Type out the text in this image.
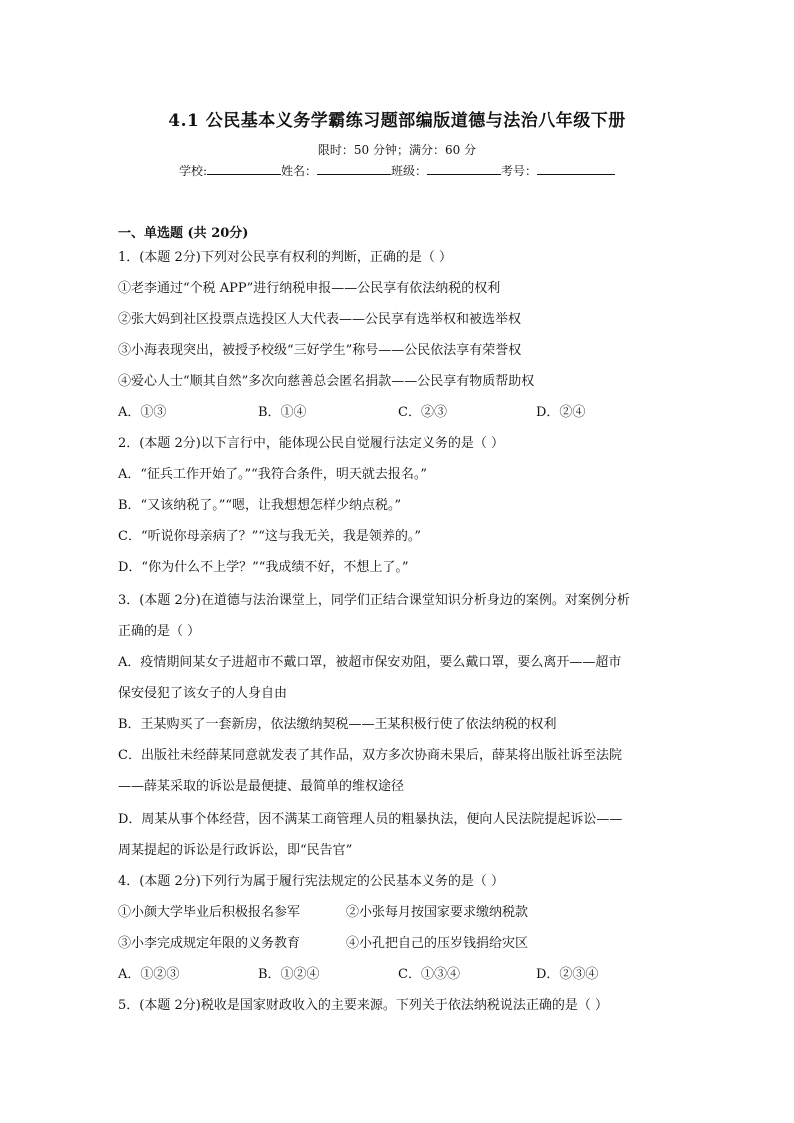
4.1 公民基本义务学霸练习题部编版道德与法治八年级下册
限时：50 分钟；满分：60 分
学校:	姓名：	班级：	考号：
一、单选题 (共 20分)
1．(本题 2分)下列对公民享有权利的判断，正确的是（ ）
①老李通过“个税 APP”进行纳税申报——公民享有依法纳税的权利
②张大妈到社区投票点选投区人大代表——公民享有选举权和被选举权
③小海表现突出，被授予校级“三好学生”称号——公民依法享有荣誉权
④爱心人士“顺其自然”多次向慈善总会匿名捐款——公民享有物质帮助权
A．①③	B．①④	C．②③	D．②④
2．(本题 2分)以下言行中，能体现公民自觉履行法定义务的是（ ）
A．“征兵工作开始了。”“我符合条件，明天就去报名。”
B．“又该纳税了。”“嗯，让我想想怎样少纳点税。”
C．“听说你母亲病了？”“这与我无关，我是领养的。”
D．“你为什么不上学？”“我成绩不好，不想上了。”
3．(本题 2分)在道德与法治课堂上，同学们正结合课堂知识分析身边的案例。对案例分析
正确的是（ ）
A．疫情期间某女子进超市不戴口罩，被超市保安劝阻，要么戴口罩，要么离开——超市
保安侵犯了该女子的人身自由
B．王某购买了一套新房，依法缴纳契税——王某积极行使了依法纳税的权利
C．出版社未经薛某同意就发表了其作品，双方多次协商未果后，薛某将出版社诉至法院
——薛某采取的诉讼是最便捷、最简单的维权途径
D．周某从事个体经营，因不满某工商管理人员的粗暴执法，便向人民法院提起诉讼——
周某提起的诉讼是行政诉讼，即“民告官”
4．(本题 2分)下列行为属于履行宪法规定的公民基本义务的是（ ）
①小颜大学毕业后积极报名参军	②小张每月按国家要求缴纳税款
③小李完成规定年限的义务教育	④小孔把自己的压岁钱捐给灾区
A．①②③	B．①②④	C．①③④	D．②③④
5．(本题 2分)税收是国家财政收入的主要来源。下列关于依法纳税说法正确的是（ ）
